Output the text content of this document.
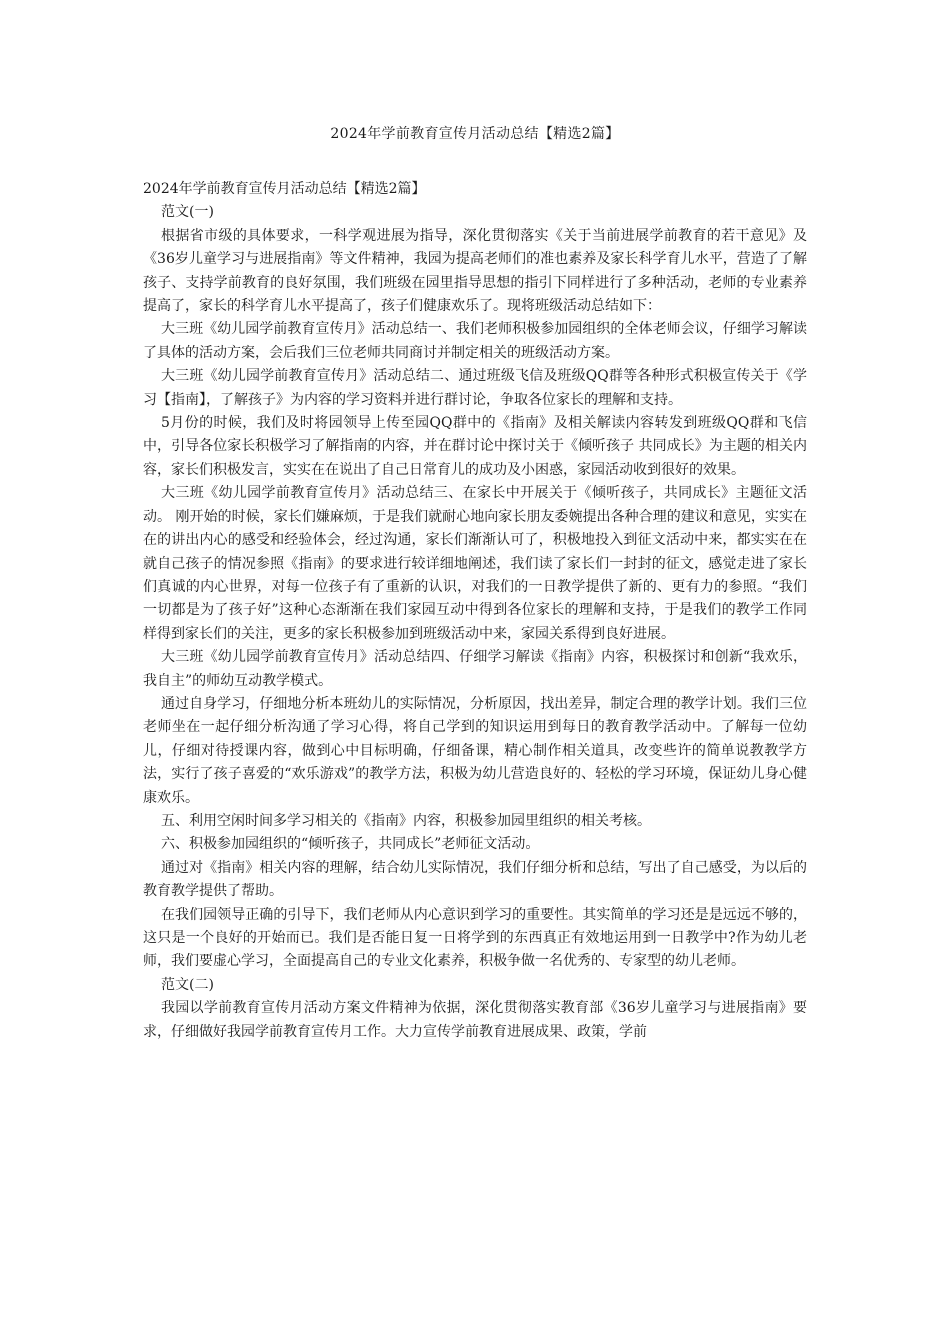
2024年学前教育宣传月活动总结【精选2篇】

2024年学前教育宣传月活动总结【精选2篇】

范文(一)

根据省市级的具体要求，一科学观进展为指导，深化贯彻落实《关于当前进展学前教育的若干意见》及《36岁儿童学习与进展指南》等文件精神，我园为提高老师们的准也素养及家长科学育儿水平，营造了了解孩子、支持学前教育的良好氛围，我们班级在园里指导思想的指引下同样进行了多种活动，老师的专业素养提高了，家长的科学育儿水平提高了，孩子们健康欢乐了。现将班级活动总结如下：

大三班《幼儿园学前教育宣传月》活动总结一、我们老师积极参加园组织的全体老师会议，仔细学习解读了具体的活动方案，会后我们三位老师共同商讨并制定相关的班级活动方案。

大三班《幼儿园学前教育宣传月》活动总结二、通过班级飞信及班级QQ群等各种形式积极宣传关于《学习【指南】，了解孩子》为内容的学习资料并进行群讨论，争取各位家长的理解和支持。

5月份的时候，我们及时将园领导上传至园QQ群中的《指南》及相关解读内容转发到班级QQ群和飞信中，引导各位家长积极学习了解指南的内容，并在群讨论中探讨关于《倾听孩子 共同成长》为主题的相关内容，家长们积极发言，实实在在说出了自己日常育儿的成功及小困惑，家园活动收到很好的效果。

大三班《幼儿园学前教育宣传月》活动总结三、在家长中开展关于《倾听孩子，共同成长》主题征文活动。 刚开始的时候，家长们嫌麻烦，于是我们就耐心地向家长朋友委婉提出各种合理的建议和意见，实实在在的讲出内心的感受和经验体会，经过沟通，家长们渐渐认可了，积极地投入到征文活动中来，都实实在在就自己孩子的情况参照《指南》的要求进行较详细地阐述，我们读了家长们一封封的征文，感觉走进了家长们真诚的内心世界，对每一位孩子有了重新的认识，对我们的一日教学提供了新的、更有力的参照。“我们一切都是为了孩子好”这种心态渐渐在我们家园互动中得到各位家长的理解和支持，于是我们的教学工作同样得到家长们的关注，更多的家长积极参加到班级活动中来，家园关系得到良好进展。

大三班《幼儿园学前教育宣传月》活动总结四、仔细学习解读《指南》内容，积极探讨和创新“我欢乐，我自主”的师幼互动教学模式。

通过自身学习，仔细地分析本班幼儿的实际情况，分析原因，找出差异，制定合理的教学计划。我们三位老师坐在一起仔细分析沟通了学习心得，将自己学到的知识运用到每日的教育教学活动中。了解每一位幼儿，仔细对待授课内容，做到心中目标明确，仔细备课，精心制作相关道具，改变些许的简单说教教学方法，实行了孩子喜爱的“欢乐游戏”的教学方法，积极为幼儿营造良好的、轻松的学习环境，保证幼儿身心健康欢乐。

五、利用空闲时间多学习相关的《指南》内容，积极参加园里组织的相关考核。

六、积极参加园组织的“倾听孩子，共同成长”老师征文活动。

通过对《指南》相关内容的理解，结合幼儿实际情况，我们仔细分析和总结，写出了自己感受，为以后的教育教学提供了帮助。

在我们园领导正确的引导下，我们老师从内心意识到学习的重要性。其实简单的学习还是是远远不够的，这只是一个良好的开始而已。我们是否能日复一日将学到的东西真正有效地运用到一日教学中?作为幼儿老师，我们要虚心学习，全面提高自己的专业文化素养，积极争做一名优秀的、专家型的幼儿老师。

范文(二)

我园以学前教育宣传月活动方案文件精神为依据，深化贯彻落实教育部《36岁儿童学习与进展指南》要求，仔细做好我园学前教育宣传月工作。大力宣传学前教育进展成果、政策，学前
